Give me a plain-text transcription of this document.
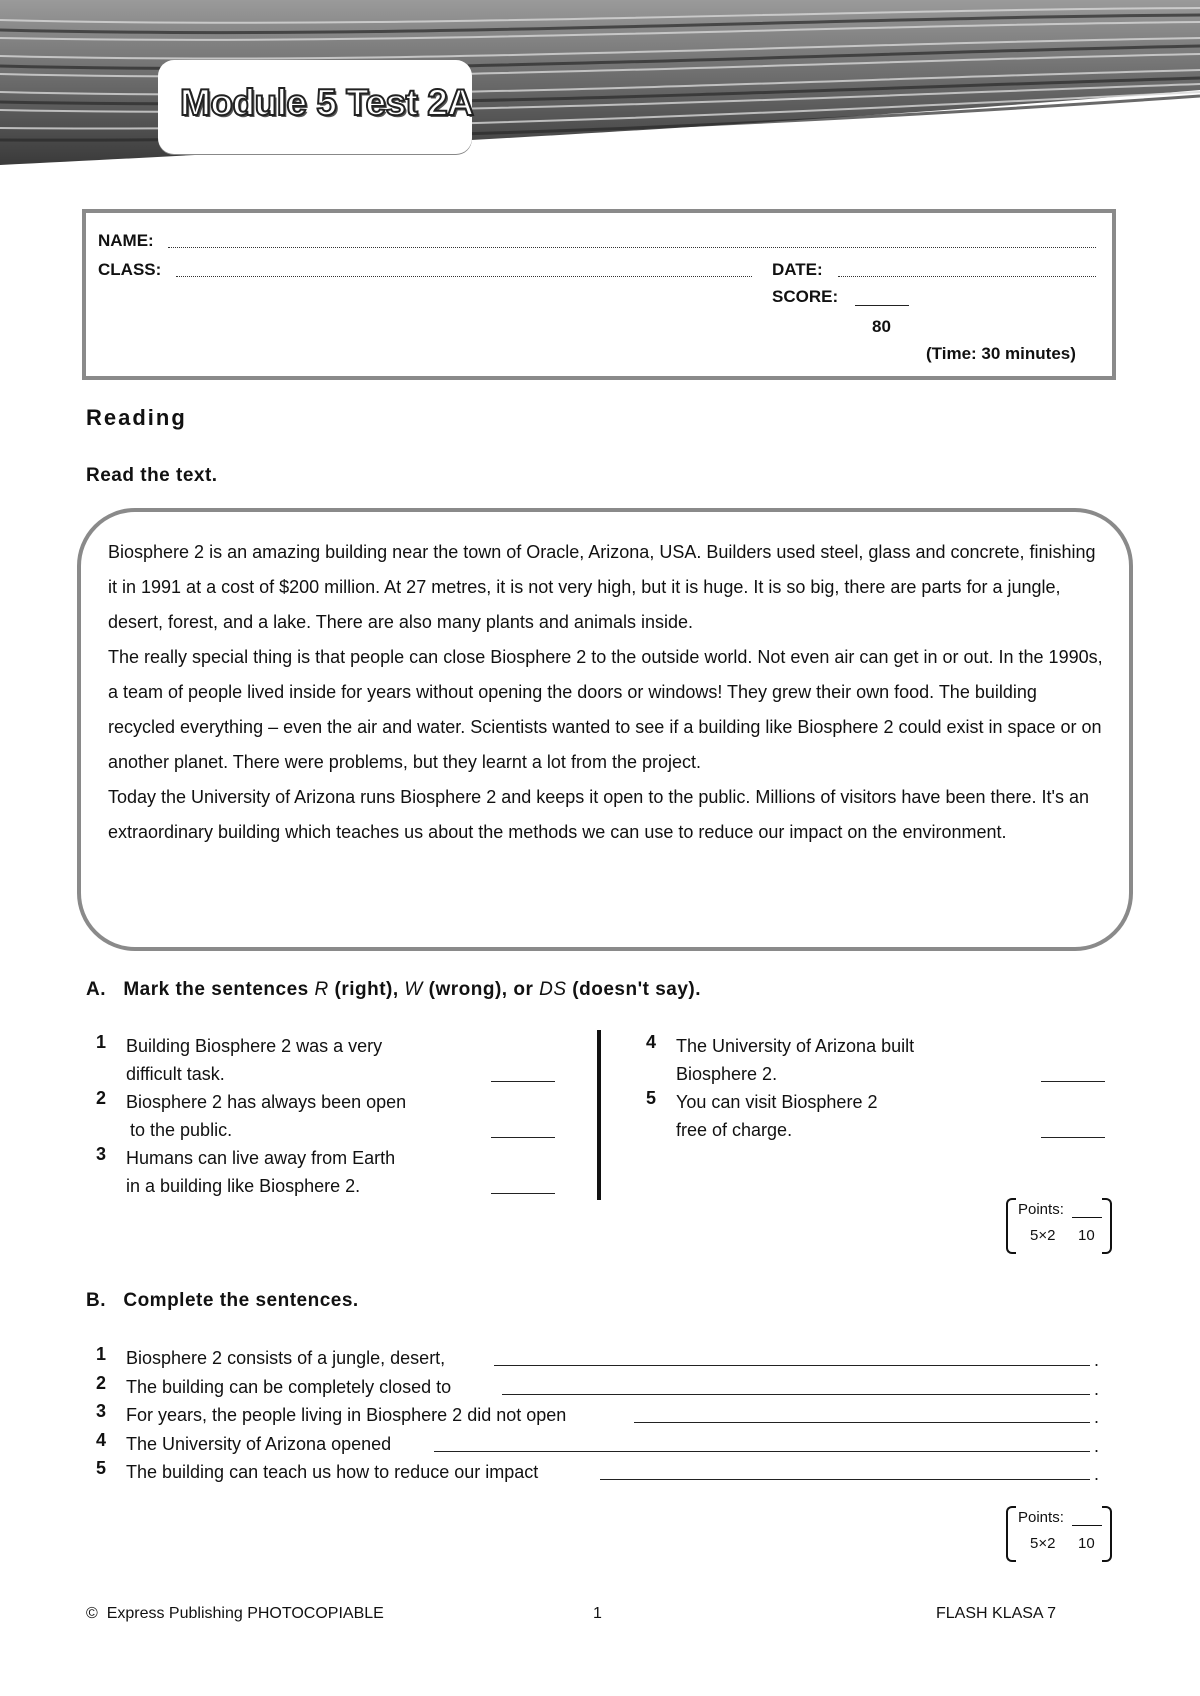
Module 5 Test 2A
NAME:
CLASS:	DATE:
SCORE:
80
(Time: 30 minutes)
Reading
Read the text.

Biosphere 2 is an amazing building near the town of Oracle, Arizona, USA. Builders used steel, glass and concrete, finishing it in 1991 at a cost of $200 million. At 27 metres, it is not very high, but it is huge. It is so big, there are parts for a jungle, desert, forest, and a lake. There are also many plants and animals inside.

The really special thing is that people can close Biosphere 2 to the outside world. Not even air can get in or out. In the 1990s, a team of people lived inside for years without opening the doors or windows! They grew their own food. The building recycled everything – even the air and water. Scientists wanted to see if a building like Biosphere 2 could exist in space or on another planet. There were problems, but they learnt a lot from the project.

Today the University of Arizona runs Biosphere 2 and keeps it open to the public. Millions of visitors have been there. It's an extraordinary building which teaches us about the methods we can use to reduce our impact on the environment.

A. Mark the sentences R (right), W (wrong), or DS (doesn't say).
1 Building Biosphere 2 was a very
difficult task.
2 Biosphere 2 has always been open
to the public.
3 Humans can live away from Earth
in a building like Biosphere 2.
4 The University of Arizona built
Biosphere 2.
5 You can visit Biosphere 2
free of charge.
Points:
5×2 10
B. Complete the sentences.
1 Biosphere 2 consists of a jungle, desert,	.
2 The building can be completely closed to	.
3 For years, the people living in Biosphere 2 did not open	.
4 The University of Arizona opened	.
5 The building can teach us how to reduce our impact	.
Points:
5×2 10
© Express Publishing PHOTOCOPIABLE	1	FLASH KLASA 7
